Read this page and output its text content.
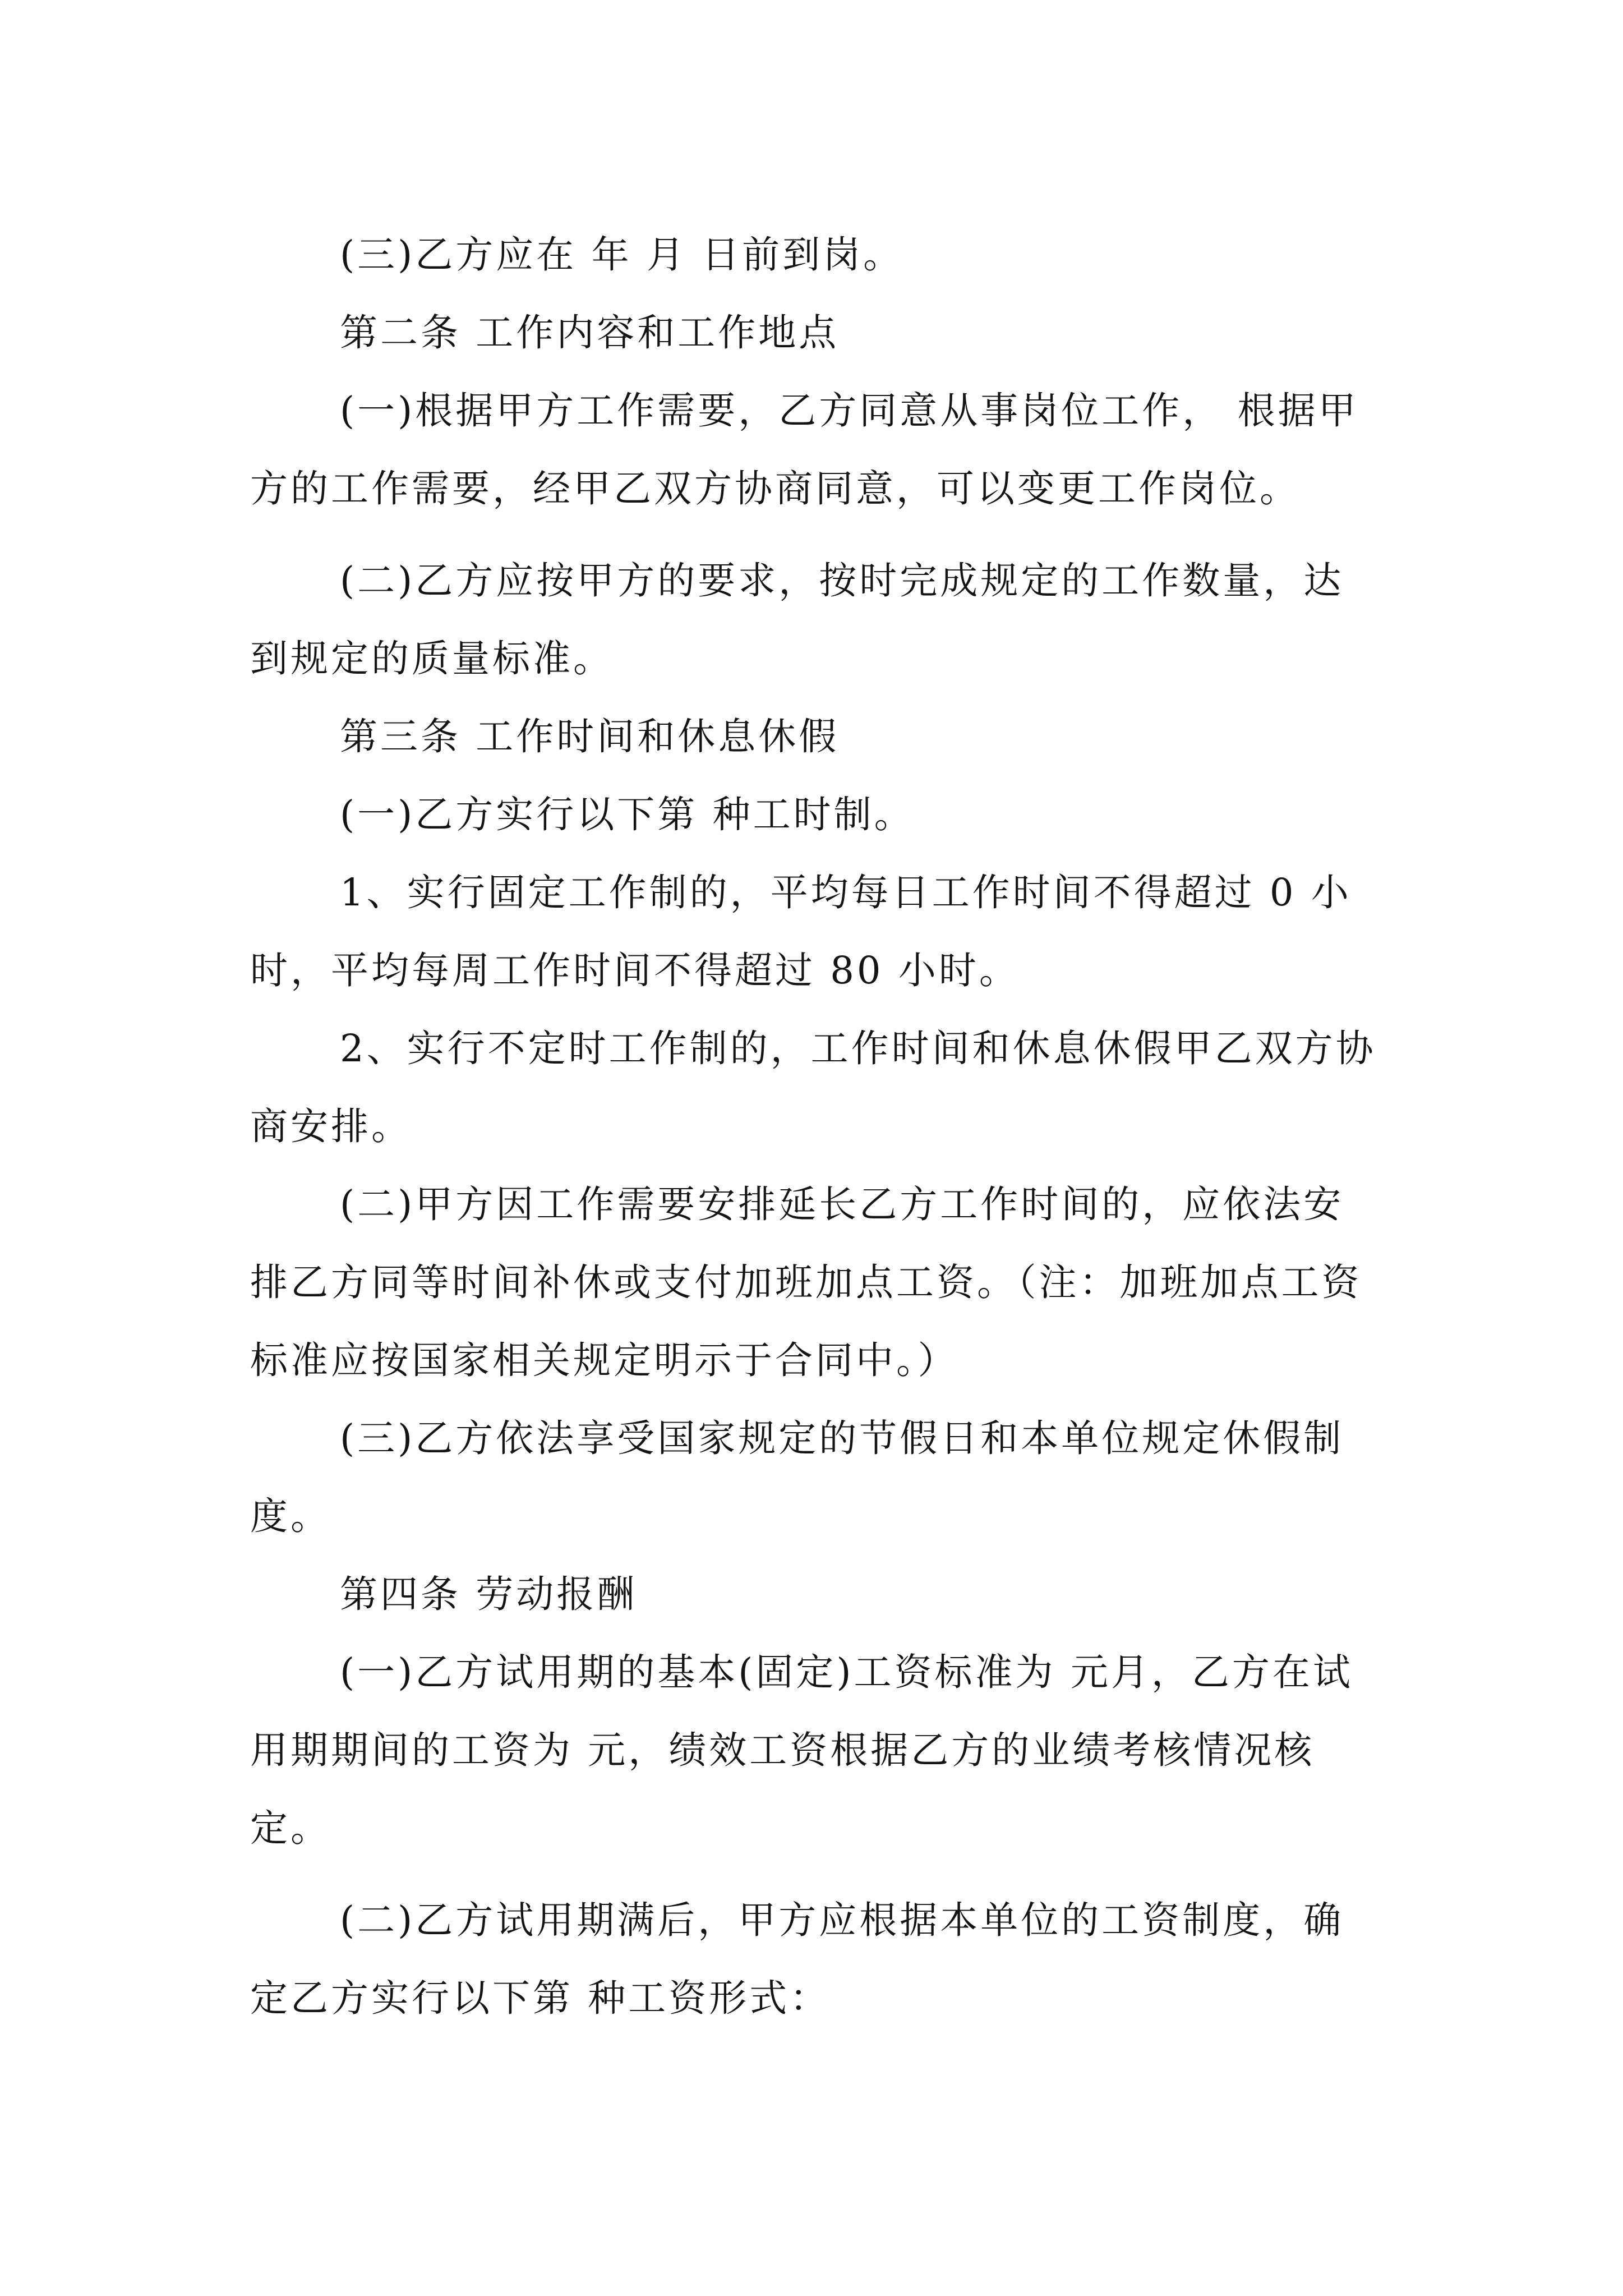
(三)乙方应在 年 月 日前到岗。

第二条 工作内容和工作地点

(一)根据甲方工作需要，乙方同意从事岗位工作， 根据甲方的工作需要，经甲乙双方协商同意，可以变更工作岗位。

(二)乙方应按甲方的要求，按时完成规定的工作数量，达到规定的质量标准。

第三条 工作时间和休息休假

(一)乙方实行以下第 种工时制。

1、实行固定工作制的，平均每日工作时间不得超过 0 小时，平均每周工作时间不得超过 80 小时。

2、实行不定时工作制的，工作时间和休息休假甲乙双方协商安排。

(二)甲方因工作需要安排延长乙方工作时间的，应依法安排乙方同等时间补休或支付加班加点工资。（注：加班加点工资标准应按国家相关规定明示于合同中。）

(三)乙方依法享受国家规定的节假日和本单位规定休假制度。

第四条 劳动报酬

(一)乙方试用期的基本(固定)工资标准为 元月，乙方在试用期期间的工资为 元，绩效工资根据乙方的业绩考核情况核定。

(二)乙方试用期满后，甲方应根据本单位的工资制度，确定乙方实行以下第 种工资形式：
